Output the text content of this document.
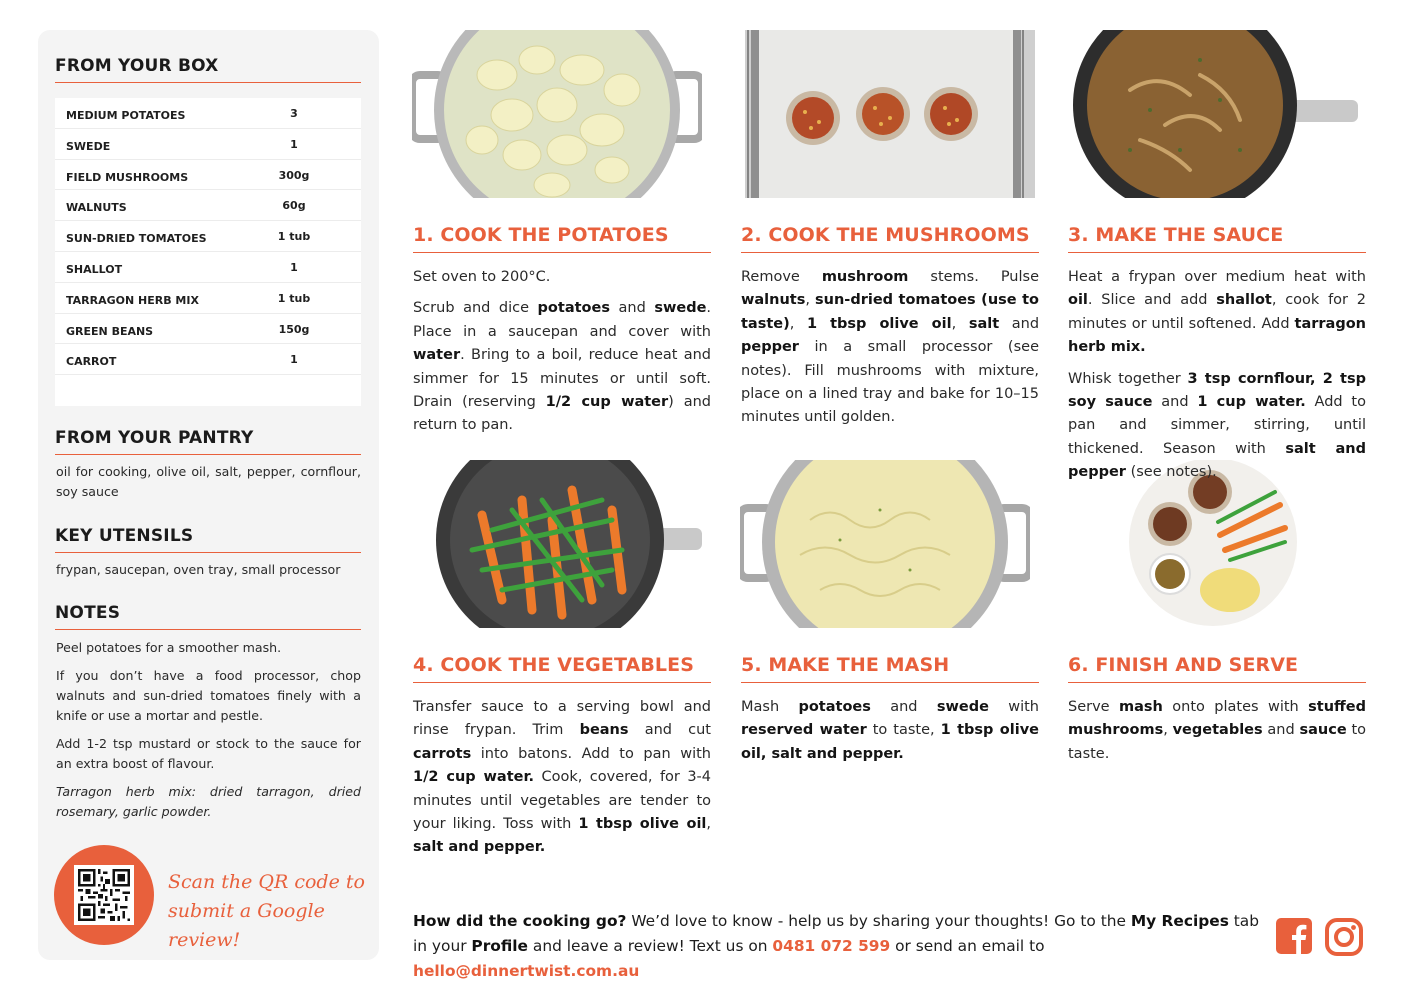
FROM YOUR BOX
MEDIUM POTATOES	3
SWEDE	1
FIELD MUSHROOMS	300g
WALNUTS	60g
SUN-DRIED TOMATOES	1 tub
SHALLOT	1
TARRAGON HERB MIX	1 tub
GREEN BEANS	150g
CARROT	1
FROM YOUR PANTRY
oil for cooking, olive oil, salt, pepper, cornflour, soy sauce
KEY UTENSILS
frypan, saucepan, oven tray, small processor
NOTES

Peel potatoes for a smoother mash.

If you don’t have a food processor, chop walnuts and sun-dried tomatoes finely with a knife or use a mortar and pestle.

Add 1-2 tsp mustard or stock to the sauce for an extra boost of flavour.

Tarragon herb mix: dried tarragon, dried rosemary, garlic powder.

Scan the QR code to
submit a Google review!
1. COOK THE POTATOES

Set oven to 200°C.

Scrub and dice potatoes and swede. Place in a saucepan and cover with water. Bring to a boil, reduce heat and simmer for 15 minutes or until soft. Drain (reserving 1/2 cup water) and return to pan.

2. COOK THE MUSHROOMS

Remove mushroom stems. Pulse walnuts, sun-dried tomatoes (use to taste), 1 tbsp olive oil, salt and pepper in a small processor (see notes). Fill mushrooms with mixture, place on a lined tray and bake for 10–15 minutes until golden.

3. MAKE THE SAUCE

Heat a frypan over medium heat with oil. Slice and add shallot, cook for 2 minutes or until softened. Add tarragon herb mix.

Whisk together 3 tsp cornflour, 2 tsp soy sauce and 1 cup water. Add to pan and simmer, stirring, until thickened. Season with salt and pepper (see notes).

4. COOK THE VEGETABLES

Transfer sauce to a serving bowl and rinse frypan. Trim beans and cut carrots into batons. Add to pan with 1/2 cup water. Cook, covered, for 3-4 minutes until vegetables are tender to your liking. Toss with 1 tbsp olive oil, salt and pepper.

5. MAKE THE MASH

Mash potatoes and swede with reserved water to taste, 1 tbsp olive oil, salt and pepper.

6. FINISH AND SERVE

Serve mash onto plates with stuffed mushrooms, vegetables and sauce to taste.

How did the cooking go? We’d love to know - help us by sharing your thoughts! Go to the My Recipes tab in your Profile and leave a review! Text us on 0481 072 599 or send an email to hello@dinnertwist.com.au
